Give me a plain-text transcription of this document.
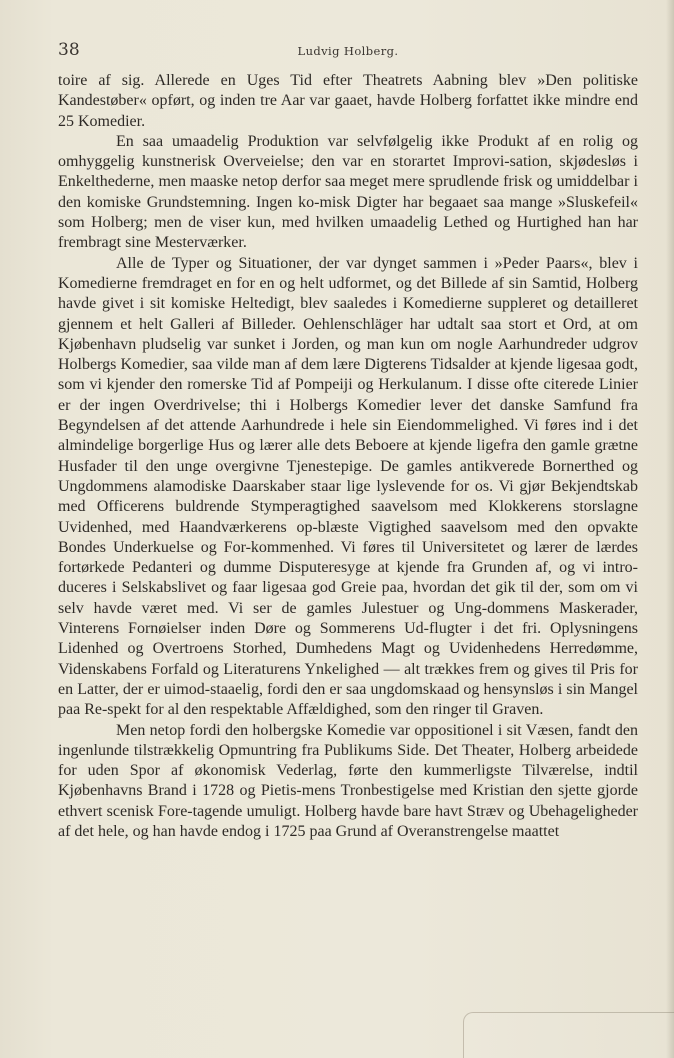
38	Ludvig Holberg.

toire af sig. Allerede en Uges Tid efter Theatrets Aabning blev »Den politiske Kandestøber« opført, og inden tre Aar var gaaet, havde Holberg forfattet ikke mindre end 25 Komedier.

En saa umaadelig Produktion var selvfølgelig ikke Produkt af en rolig og omhyggelig kunstnerisk Overveielse; den var en storartet Improvi-sation, skjødesløs i Enkelthederne, men maaske netop derfor saa meget mere sprudlende frisk og umiddelbar i den komiske Grundstemning. Ingen ko-misk Digter har begaaet saa mange »Sluskefeil« som Holberg; men de viser kun, med hvilken umaadelig Lethed og Hurtighed han har frembragt sine Mesterværker.

Alle de Typer og Situationer, der var dynget sammen i »Peder Paars«, blev i Komedierne fremdraget en for en og helt udformet, og det Billede af sin Samtid, Holberg havde givet i sit komiske Heltedigt, blev saaledes i Komedierne suppleret og detailleret gjennem et helt Galleri af Billeder. Oehlenschläger har udtalt saa stort et Ord, at om Kjøbenhavn pludselig var sunket i Jorden, og man kun om nogle Aarhundreder udgrov Holbergs Komedier, saa vilde man af dem lære Digterens Tidsalder at kjende ligesaa godt, som vi kjender den romerske Tid af Pompeiji og Herkulanum. I disse ofte citerede Linier er der ingen Overdrivelse; thi i Holbergs Komedier lever det danske Samfund fra Begyndelsen af det attende Aarhundrede i hele sin Eiendommelighed. Vi føres ind i det almindelige borgerlige Hus og lærer alle dets Beboere at kjende ligefra den gamle grætne Husfader til den unge overgivne Tjenestepige. De gamles antikverede Bornerthed og Ungdommens alamodiske Daarskaber staar lige lyslevende for os. Vi gjør Bekjendtskab med Officerens buldrende Stymperagtighed saavelsom med Klokkerens storslagne Uvidenhed, med Haandværkerens op-blæste Vigtighed saavelsom med den opvakte Bondes Underkuelse og For-kommenhed. Vi føres til Universitetet og lærer de lærdes fortørkede Pedanteri og dumme Disputeresyge at kjende fra Grunden af, og vi intro-duceres i Selskabslivet og faar ligesaa god Greie paa, hvordan det gik til der, som om vi selv havde været med. Vi ser de gamles Julestuer og Ung-dommens Maskerader, Vinterens Fornøielser inden Døre og Sommerens Ud-flugter i det fri. Oplysningens Lidenhed og Overtroens Storhed, Dumhedens Magt og Uvidenhedens Herredømme, Videnskabens Forfald og Literaturens Ynkelighed — alt trækkes frem og gives til Pris for en Latter, der er uimod-staaelig, fordi den er saa ungdomskaad og hensynsløs i sin Mangel paa Re-spekt for al den respektable Affældighed, som den ringer til Graven.

Men netop fordi den holbergske Komedie var oppositionel i sit Væsen, fandt den ingenlunde tilstrækkelig Opmuntring fra Publikums Side. Det Theater, Holberg arbeidede for uden Spor af økonomisk Vederlag, førte den kummerligste Tilværelse, indtil Kjøbenhavns Brand i 1728 og Pietis-mens Tronbestigelse med Kristian den sjette gjorde ethvert scenisk Fore-tagende umuligt. Holberg havde bare havt Stræv og Ubehageligheder af det hele, og han havde endog i 1725 paa Grund af Overanstrengelse maattet
